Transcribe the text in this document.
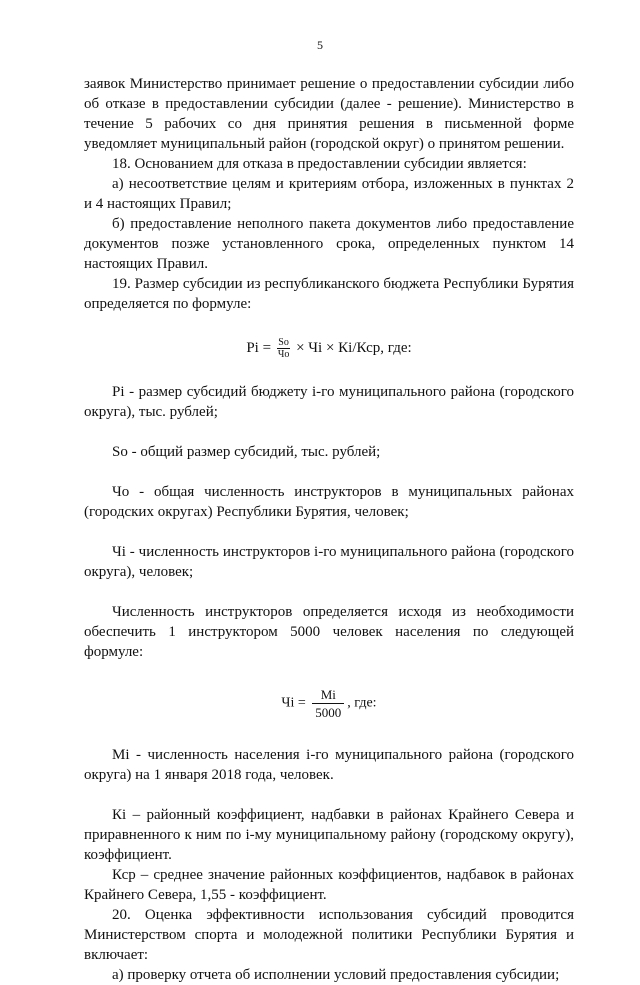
5

заявок Министерство принимает решение о предоставлении субсидии либо об отказе в предоставлении субсидии (далее - решение). Министерство в течение 5 рабочих со дня принятия решения в письменной форме уведомляет муниципальный район (городской округ) о принятом решении.

18. Основанием для отказа в предоставлении субсидии является:

а) несоответствие целям и критериям отбора, изложенных в пунктах 2 и 4 настоящих Правил;

б) предоставление неполного пакета документов либо предоставление документов позже установленного срока, определенных пунктом 14 настоящих Правил.

19. Размер субсидии из республиканского бюджета Республики Бурятия определяется по формуле:

$Pi = \frac{So}{Чо}$ × Чi × Кi/Кср, где:

Pi - размер субсидий бюджету i-го муниципального района (городского округа), тыс. рублей;

So - общий размер субсидий, тыс. рублей;

Чо - общая численность инструкторов в муниципальных районах (городских округах) Республики Бурятия, человек;

Чi - численность инструкторов i-го муниципального района (городского округа), человек;

Численность инструкторов определяется исходя из необходимости обеспечить 1 инструктором 5000 человек населения по следующей формуле:

Чi = $\frac{Mi}{5000}$ , где:

Mi - численность населения i-го муниципального района (городского округа) на 1 января 2018 года, человек.

Кi – районный коэффициент, надбавки в районах Крайнего Севера и приравненного к ним по i-му муниципальному району (городскому округу), коэффициент.

Кср – среднее значение районных коэффициентов, надбавок в районах Крайнего Севера, 1,55 - коэффициент.

20. Оценка эффективности использования субсидий проводится Министерством спорта и молодежной политики Республики Бурятия и включает:

а) проверку отчета об исполнении условий предоставления субсидии;
